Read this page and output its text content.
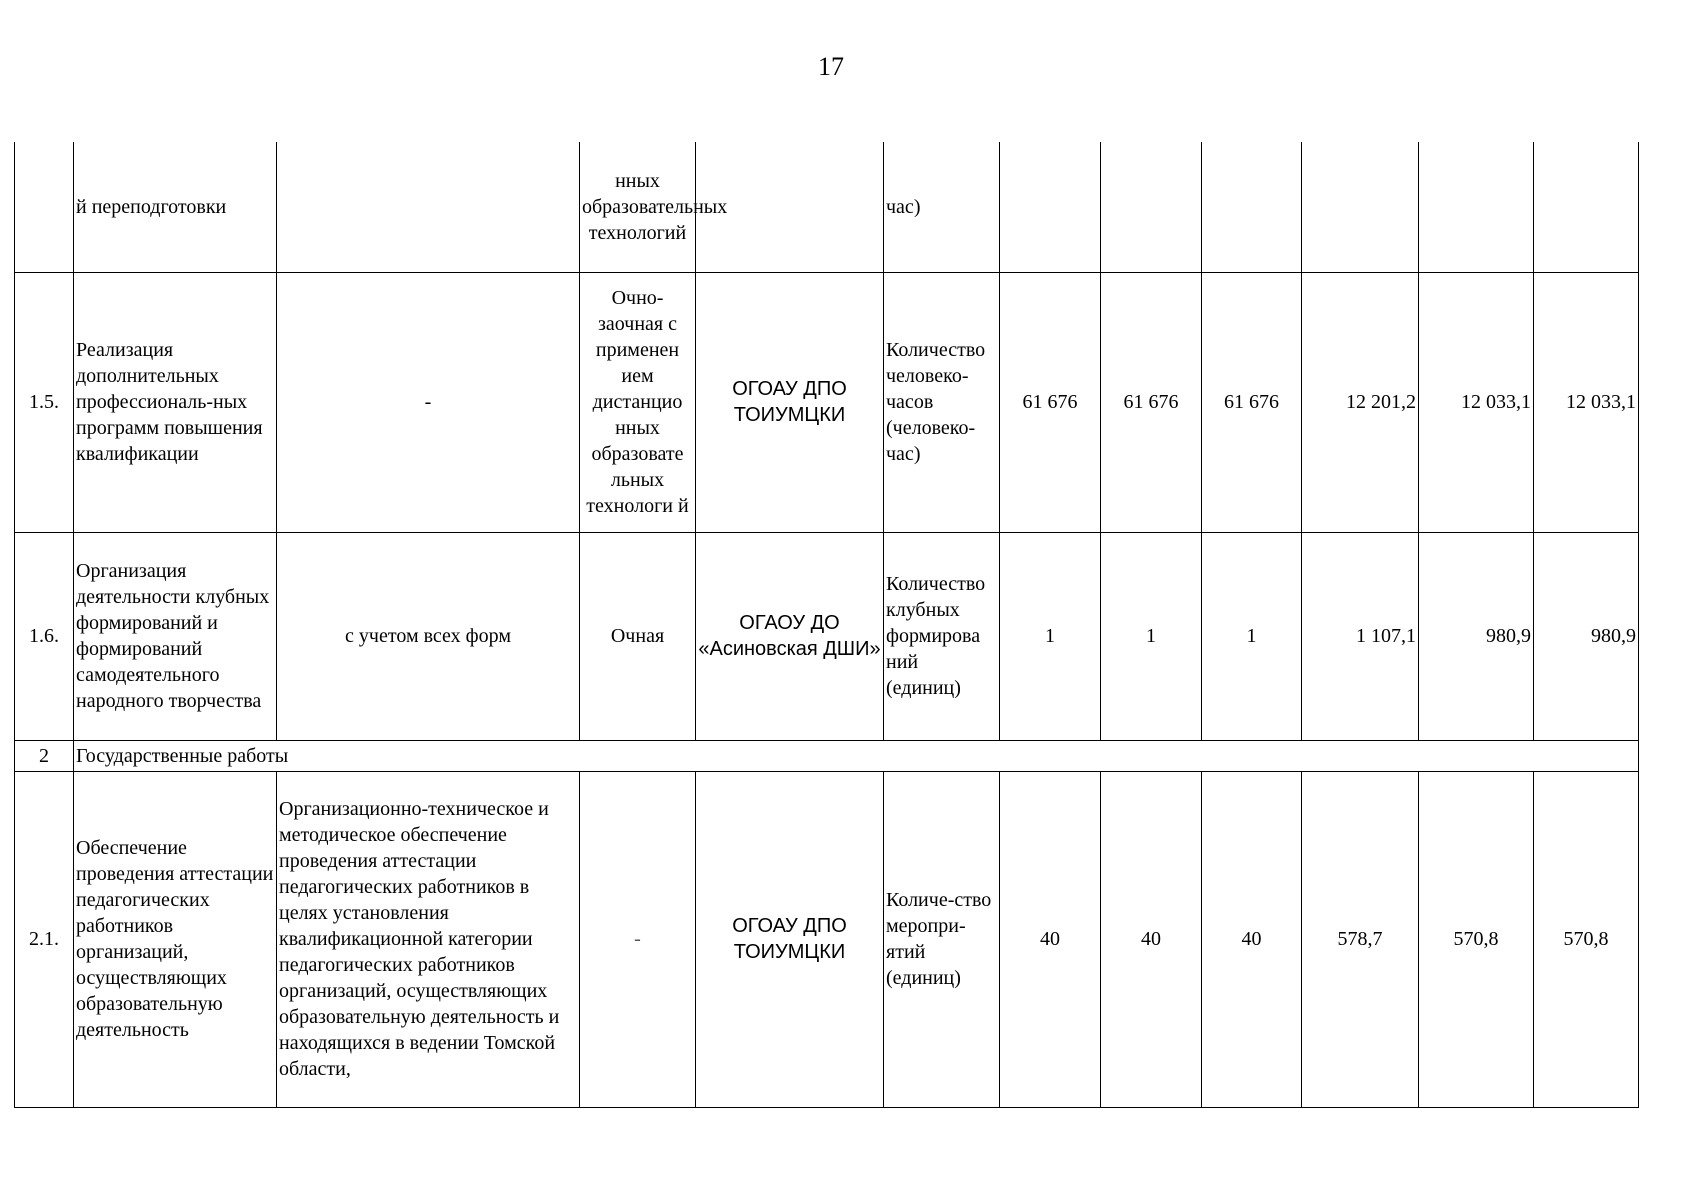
17
	й переподготовки		нных образовательных технологий		час)						
1.5.	Реализация дополнительных профессиональ-ных программ повышения квалификации	-	Очно-заочная с применен ием дистанцио нных образовате льных технологи й	ОГОАУ ДПО ТОИУМЦКИ	Количество человеко-часов (человеко-час)	61 676	61 676	61 676	12 201,2	12 033,1	12 033,1
1.6.	Организация деятельности клубных формирований и формирований самодеятельного народного творчества	с учетом всех форм	Очная	ОГАОУ ДО «Асиновская ДШИ»	Количество клубных формирова ний (единиц)	1	1	1	1 107,1	980,9	980,9
2	Государственные работы										
2.1.	Обеспечение проведения аттестации педагогических работников организаций, осуществляющих образовательную деятельность	Организационно-техническое и методическое обеспечение проведения аттестации педагогических работников в целях установления квалификационной категории педагогических работников организаций, осуществляющих образовательную деятельность и находящихся в ведении Томской области,	-	ОГОАУ ДПО ТОИУМЦКИ	Количе-ство меропри-ятий (единиц)	40	40	40	578,7	570,8	570,8
